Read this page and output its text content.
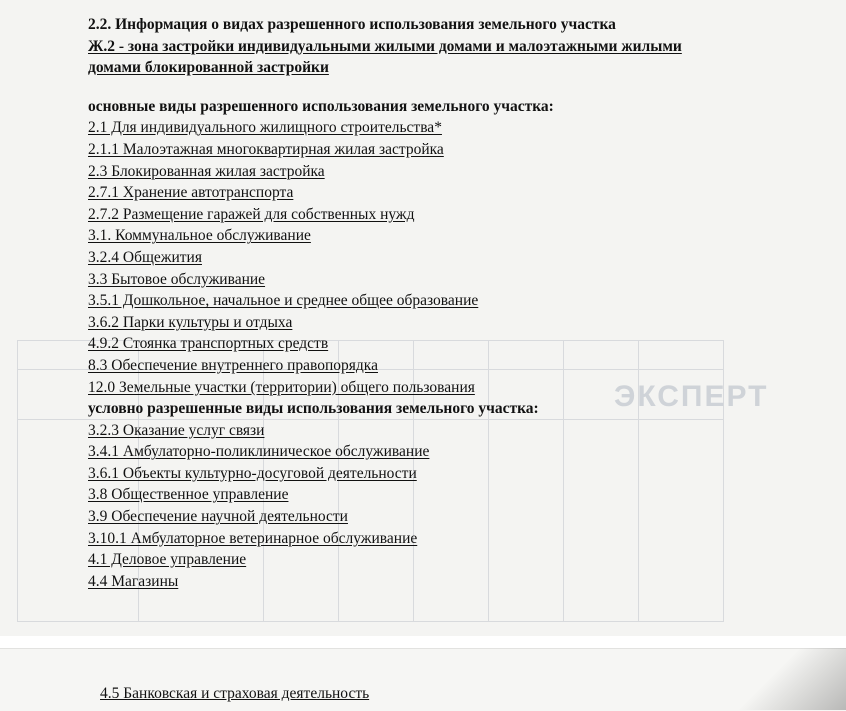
ЭКСПЕРТ
2.2. Информация о видах разрешенного использования земельного участка
Ж.2 - зона застройки индивидуальными жилыми домами и малоэтажными жилыми
домами блокированной застройки
основные виды разрешенного использования земельного участка:
2.1 Для индивидуального жилищного строительства*
2.1.1 Малоэтажная многоквартирная жилая застройка
2.3 Блокированная жилая застройка
2.7.1 Хранение автотранспорта
2.7.2 Размещение гаражей для собственных нужд
3.1. Коммунальное обслуживание
3.2.4 Общежития
3.3 Бытовое обслуживание
3.5.1 Дошкольное, начальное и среднее общее образование
3.6.2 Парки культуры и отдыха
4.9.2 Стоянка транспортных средств
8.3 Обеспечение внутреннего правопорядка
12.0 Земельные участки (территории) общего пользования
условно разрешенные виды использования земельного участка:
3.2.3 Оказание услуг связи
3.4.1 Амбулаторно-поликлиническое обслуживание
3.6.1 Объекты культурно-досуговой деятельности
3.8 Общественное управление
3.9 Обеспечение научной деятельности
3.10.1 Амбулаторное ветеринарное обслуживание
4.1 Деловое управление
4.4 Магазины
4.5 Банковская и страховая деятельность
